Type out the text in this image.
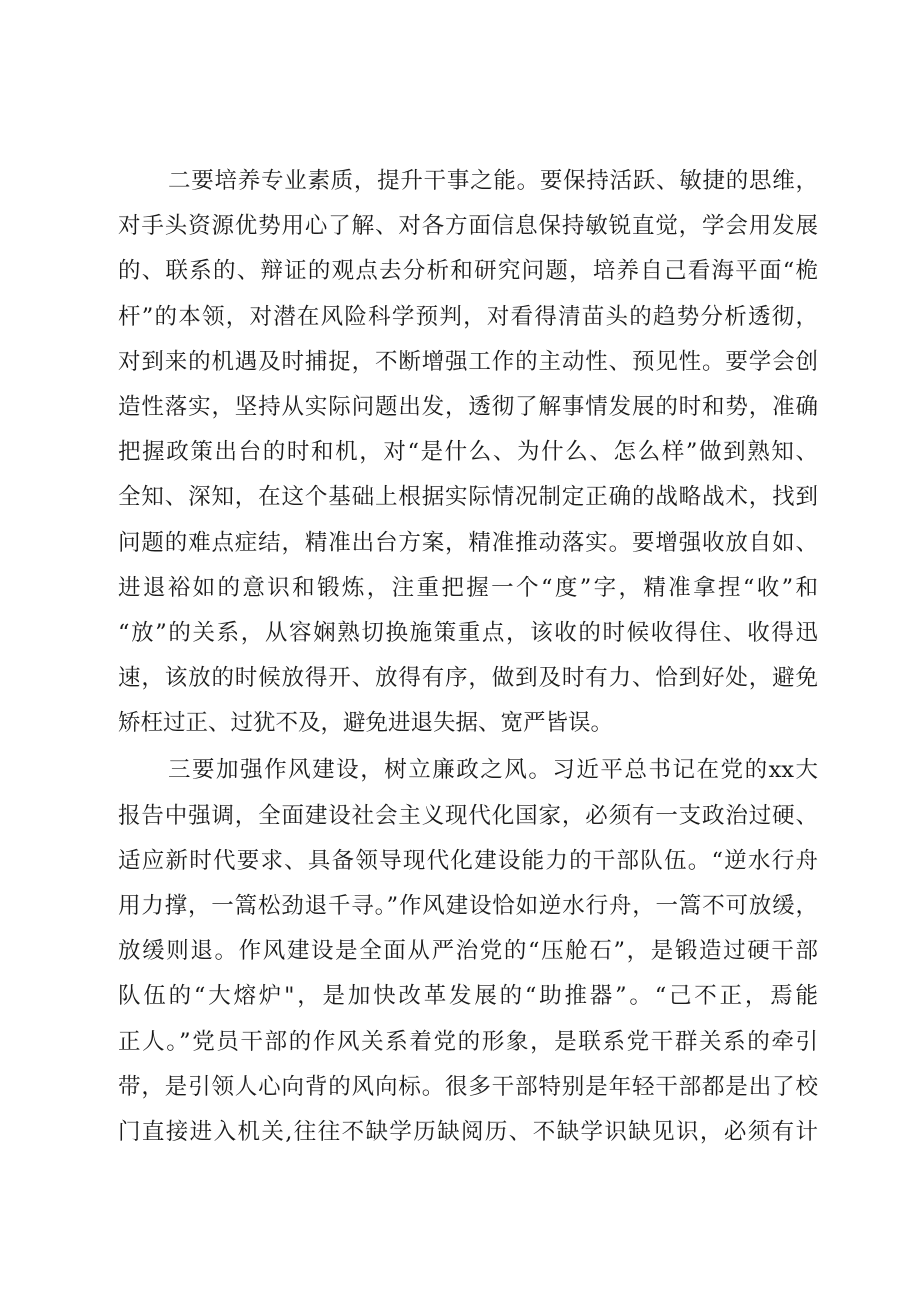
二要培养专业素质，提升干事之能。要保持活跃、敏捷的思维，
对手头资源优势用心了解、对各方面信息保持敏锐直觉，学会用发展
的、联系的、辩证的观点去分析和研究问题，培养自己看海平面“桅
杆”的本领，对潜在风险科学预判，对看得清苗头的趋势分析透彻，
对到来的机遇及时捕捉，不断增强工作的主动性、预见性。要学会创
造性落实，坚持从实际问题出发，透彻了解事情发展的时和势，准确
把握政策出台的时和机，对“是什么、为什么、怎么样”做到熟知、
全知、深知，在这个基础上根据实际情况制定正确的战略战术，找到
问题的难点症结，精准出台方案，精准推动落实。要增强收放自如、
进退裕如的意识和锻炼，注重把握一个“度”字，精准拿捏“收”和
“放”的关系，从容娴熟切换施策重点，该收的时候收得住、收得迅
速，该放的时候放得开、放得有序，做到及时有力、恰到好处，避免
矫枉过正、过犹不及，避免进退失据、宽严皆误。
三要加强作风建设，树立廉政之风。习近平总书记在党的xx大
报告中强调，全面建设社会主义现代化国家，必须有一支政治过硬、
适应新时代要求、具备领导现代化建设能力的干部队伍。“逆水行舟
用力撑，一篙松劲退千寻。”作风建设恰如逆水行舟，一篙不可放缓，
放缓则退。作风建设是全面从严治党的“压舱石”，是锻造过硬干部
队伍的“大熔炉"，是加快改革发展的“助推器”。“己不正，焉能
正人。”党员干部的作风关系着党的形象，是联系党干群关系的牵引
带，是引领人心向背的风向标。很多干部特别是年轻干部都是出了校
门直接进入机关,往往不缺学历缺阅历、不缺学识缺见识，必须有计
